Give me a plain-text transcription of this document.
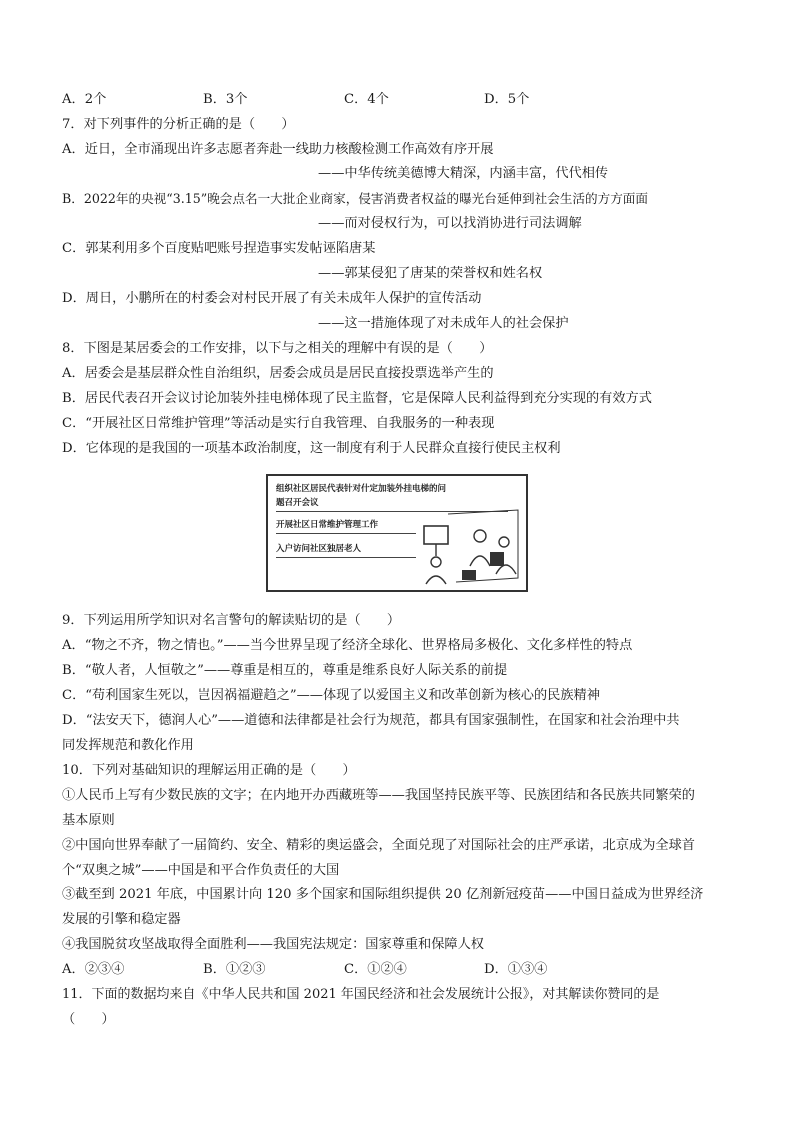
A．2个	B．3个	C．4个	D．5个
7．对下列事件的分析正确的是（　　）
A．近日，全市涌现出许多志愿者奔赴一线助力核酸检测工作高效有序开展
——中华传统美德博大精深，内涵丰富，代代相传
B．2022年的央视“3.15”晚会点名一大批企业商家，侵害消费者权益的曝光台延伸到社会生活的方方面面
——而对侵权行为，可以找消协进行司法调解
C．郭某利用多个百度贴吧账号捏造事实发帖诬陷唐某
——郭某侵犯了唐某的荣誉权和姓名权
D．周日，小鹏所在的村委会对村民开展了有关未成年人保护的宣传活动
——这一措施体现了对未成年人的社会保护
8．下图是某居委会的工作安排，以下与之相关的理解中有误的是（　　）
A．居委会是基层群众性自治组织，居委会成员是居民直接投票选举产生的
B．居民代表召开会议讨论加装外挂电梯体现了民主监督，它是保障人民利益得到充分实现的有效方式
C．“开展社区日常维护管理”等活动是实行自我管理、自我服务的一种表现
D．它体现的是我国的一项基本政治制度，这一制度有利于人民群众直接行使民主权利
组织社区居民代表针对什定加装外挂电梯的问
题召开会议
开展社区日常维护管理工作
入户访问社区独居老人
9．下列运用所学知识对名言警句的解读贴切的是（　　）
A．“物之不齐，物之情也。”——当今世界呈现了经济全球化、世界格局多极化、文化多样性的特点
B．“敬人者，人恒敬之”——尊重是相互的，尊重是维系良好人际关系的前提
C．“苟利国家生死以，岂因祸福避趋之”——体现了以爱国主义和改革创新为核心的民族精神
D．“法安天下，德润人心”——道德和法律都是社会行为规范，都具有国家强制性，在国家和社会治理中共
同发挥规范和教化作用
10．下列对基础知识的理解运用正确的是（　　）
①人民币上写有少数民族的文字；在内地开办西藏班等——我国坚持民族平等、民族团结和各民族共同繁荣的
基本原则
②中国向世界奉献了一届简约、安全、精彩的奥运盛会，全面兑现了对国际社会的庄严承诺，北京成为全球首
个“双奥之城”——中国是和平合作负责任的大国
③截至到 2021 年底，中国累计向 120 多个国家和国际组织提供 20 亿剂新冠疫苗——中国日益成为世界经济
发展的引擎和稳定器
④我国脱贫攻坚战取得全面胜利——我国宪法规定：国家尊重和保障人权
A．②③④	B．①②③	C．①②④	D．①③④
11．下面的数据均来自《中华人民共和国 2021 年国民经济和社会发展统计公报》，对其解读你赞同的是
（　　）
